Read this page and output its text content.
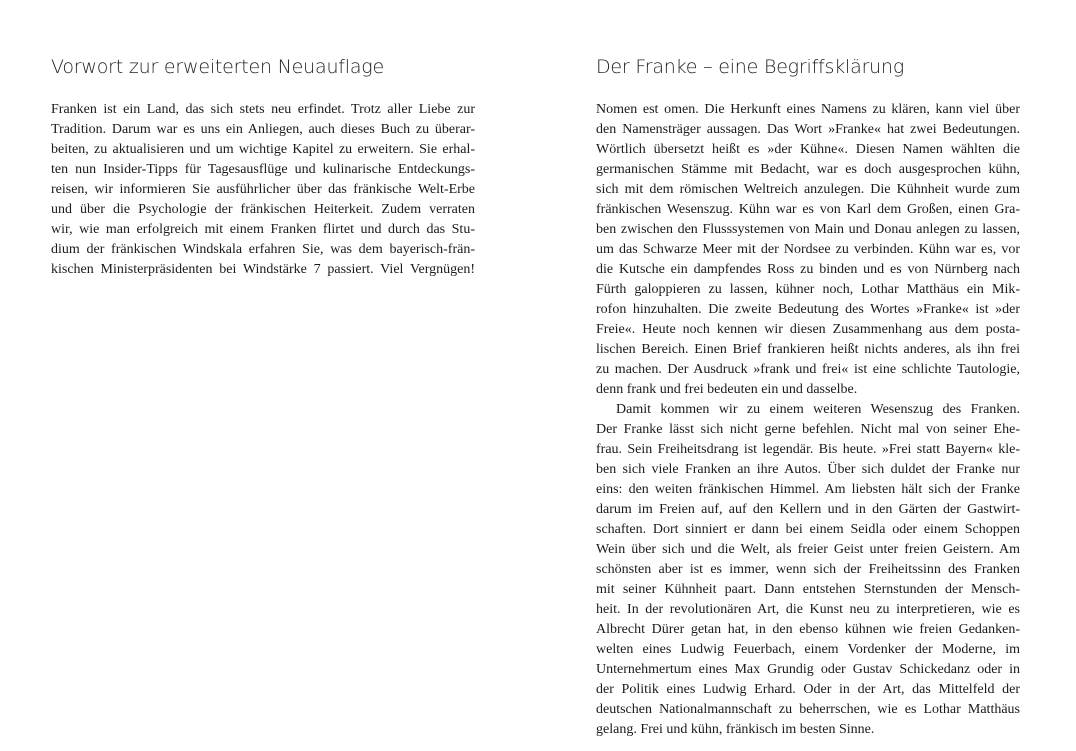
Vorwort zur erweiterten Neuauflage

Franken ist ein Land, das sich stets neu erfindet. Trotz aller Liebe zur
Tradition. Darum war es uns ein Anliegen, auch dieses Buch zu überar-
beiten, zu aktualisieren und um wichtige Kapitel zu erweitern. Sie erhal-
ten nun Insider-Tipps für Tagesausflüge und kulinarische Entdeckungs-
reisen, wir informieren Sie ausführlicher über das fränkische Welt-Erbe
und über die Psychologie der fränkischen Heiterkeit. Zudem verraten
wir, wie man erfolgreich mit einem Franken flirtet und durch das Stu-
dium der fränkischen Windskala erfahren Sie, was dem bayerisch-frän-
kischen Ministerpräsidenten bei Windstärke 7 passiert. Viel Vergnügen!

Der Franke – eine Begriffsklärung

Nomen est omen. Die Herkunft eines Namens zu klären, kann viel über
den Namensträger aussagen. Das Wort »Franke« hat zwei Bedeutungen.
Wörtlich übersetzt heißt es »der Kühne«. Diesen Namen wählten die
germanischen Stämme mit Bedacht, war es doch ausgesprochen kühn,
sich mit dem römischen Weltreich anzulegen. Die Kühnheit wurde zum
fränkischen Wesenszug. Kühn war es von Karl dem Großen, einen Gra-
ben zwischen den Flusssystemen von Main und Donau anlegen zu lassen,
um das Schwarze Meer mit der Nordsee zu verbinden. Kühn war es, vor
die Kutsche ein dampfendes Ross zu binden und es von Nürnberg nach
Fürth galoppieren zu lassen, kühner noch, Lothar Matthäus ein Mik-
rofon hinzuhalten. Die zweite Bedeutung des Wortes »Franke« ist »der
Freie«. Heute noch kennen wir diesen Zusammenhang aus dem posta-
lischen Bereich. Einen Brief frankieren heißt nichts anderes, als ihn frei
zu machen. Der Ausdruck »frank und frei« ist eine schlichte Tautologie,
denn frank und frei bedeuten ein und dasselbe.

Damit kommen wir zu einem weiteren Wesenszug des Franken.
Der Franke lässt sich nicht gerne befehlen. Nicht mal von seiner Ehe-
frau. Sein Freiheitsdrang ist legendär. Bis heute. »Frei statt Bayern« kle-
ben sich viele Franken an ihre Autos. Über sich duldet der Franke nur
eins: den weiten fränkischen Himmel. Am liebsten hält sich der Franke
darum im Freien auf, auf den Kellern und in den Gärten der Gastwirt-
schaften. Dort sinniert er dann bei einem Seidla oder einem Schoppen
Wein über sich und die Welt, als freier Geist unter freien Geistern. Am
schönsten aber ist es immer, wenn sich der Freiheitssinn des Franken
mit seiner Kühnheit paart. Dann entstehen Sternstunden der Mensch-
heit. In der revolutionären Art, die Kunst neu zu interpretieren, wie es
Albrecht Dürer getan hat, in den ebenso kühnen wie freien Gedanken-
welten eines Ludwig Feuerbach, einem Vordenker der Moderne, im
Unternehmertum eines Max Grundig oder Gustav Schickedanz oder in
der Politik eines Ludwig Erhard. Oder in der Art, das Mittelfeld der
deutschen Nationalmannschaft zu beherrschen, wie es Lothar Matthäus
gelang. Frei und kühn, fränkisch im besten Sinne.
